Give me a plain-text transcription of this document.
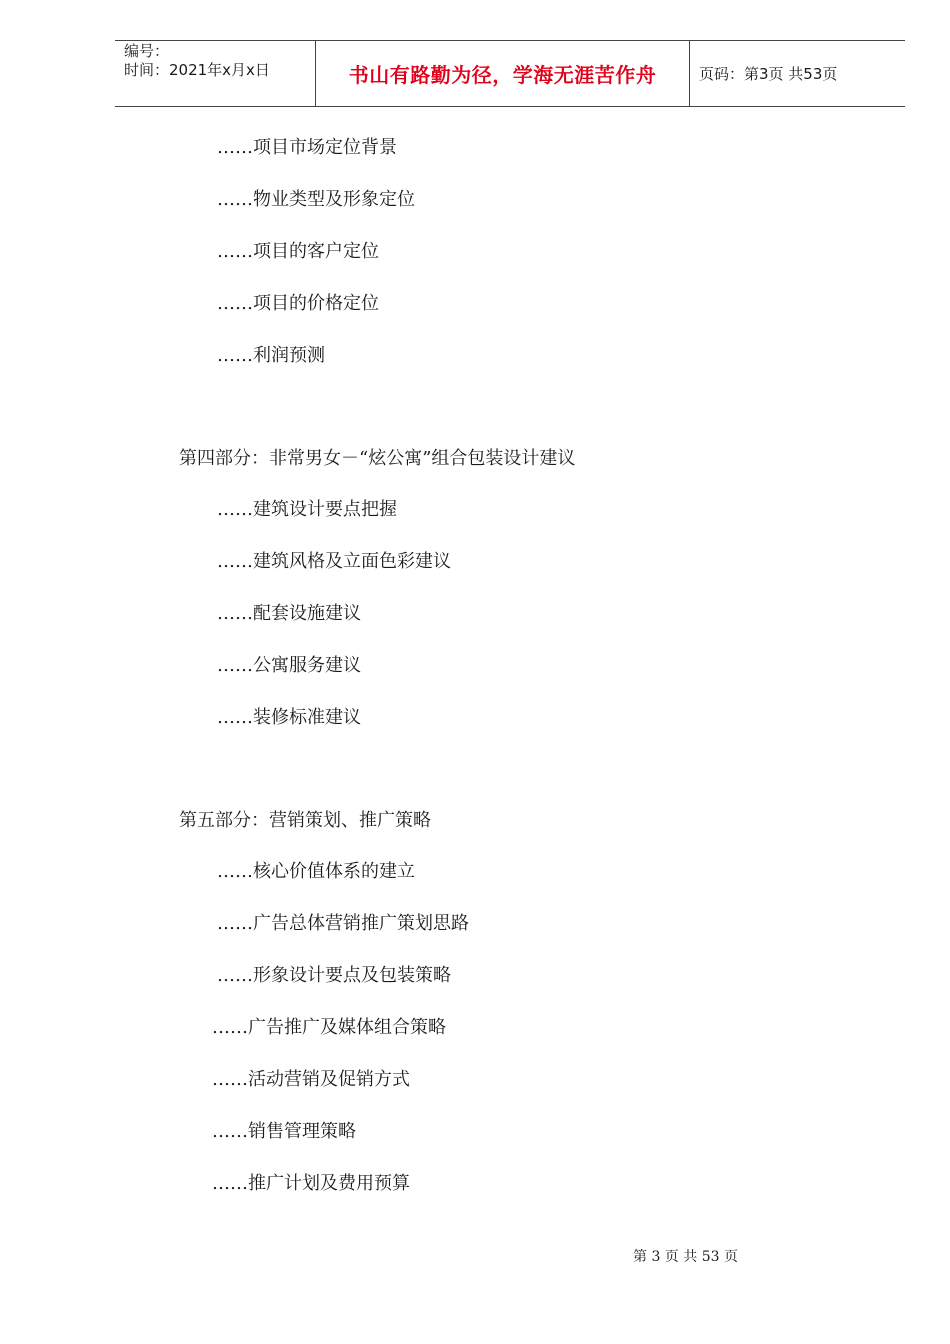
编号：
时间：2021年x月x日	书山有路勤为径，学海无涯苦作舟	页码：第3页 共53页
……项目市场定位背景
……物业类型及形象定位
……项目的客户定位
……项目的价格定位
……利润预测
第四部分：非常男女－“炫公寓”组合包装设计建议
……建筑设计要点把握
……建筑风格及立面色彩建议
……配套设施建议
……公寓服务建议
……装修标准建议
第五部分：营销策划、推广策略
……核心价值体系的建立
……广告总体营销推广策划思路
……形象设计要点及包装策略
……广告推广及媒体组合策略
……活动营销及促销方式
……销售管理策略
……推广计划及费用预算
第 3 页 共 53 页
